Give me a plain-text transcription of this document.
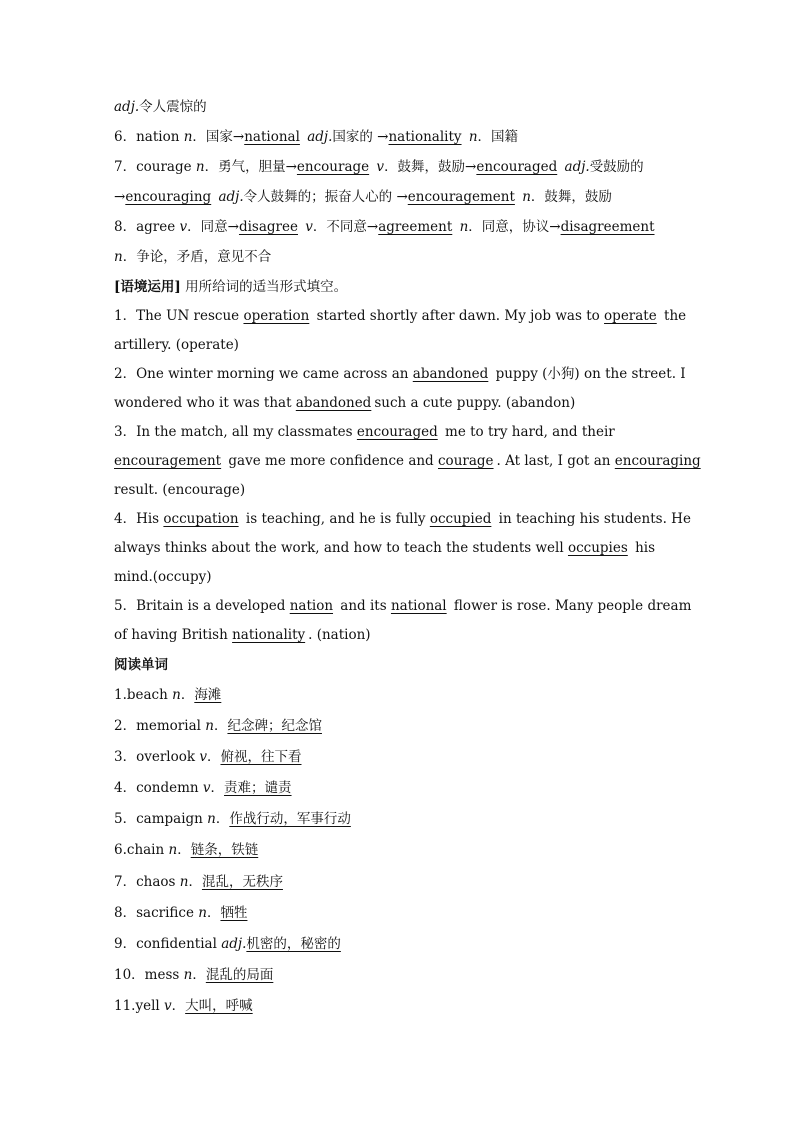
adj.令人震惊的
6．nation n．国家→national adj.国家的 →nationality n．国籍
7．courage n．勇气，胆量→encourage v．鼓舞，鼓励→encouraged adj.受鼓励的
→encouraging adj.令人鼓舞的；振奋人心的 →encouragement n．鼓舞，鼓励
8．agree v．同意→disagree v．不同意→agreement n．同意，协议→disagreement
n．争论，矛盾，意见不合
[语境运用] 用所给词的适当形式填空。
1．The UN rescue operation started shortly after dawn. My job was to operate the
artillery. (operate)
2．One winter morning we came across an abandoned puppy (小狗) on the street. I
wondered who it was that abandoned such a cute puppy. (abandon)
3．In the match, all my classmates encouraged me to try hard, and their
encouragement gave me more confidence and courage . At last, I got an encouraging
result. (encourage)
4．His occupation is teaching, and he is fully occupied in teaching his students. He
always thinks about the work, and how to teach the students well occupies his
mind.(occupy)
5．Britain is a developed nation and its national flower is rose. Many people dream
of having British nationality . (nation)
阅读单词
1.beach n．海滩
2．memorial n．纪念碑；纪念馆
3．overlook v．俯视，往下看
4．condemn v．责难；谴责
5．campaign n．作战行动，军事行动
6.chain n．链条，铁链
7．chaos n．混乱，无秩序
8．sacrifice n．牺牲
9．confidential adj.机密的，秘密的
10．mess n．混乱的局面
11.yell v．大叫，呼喊
